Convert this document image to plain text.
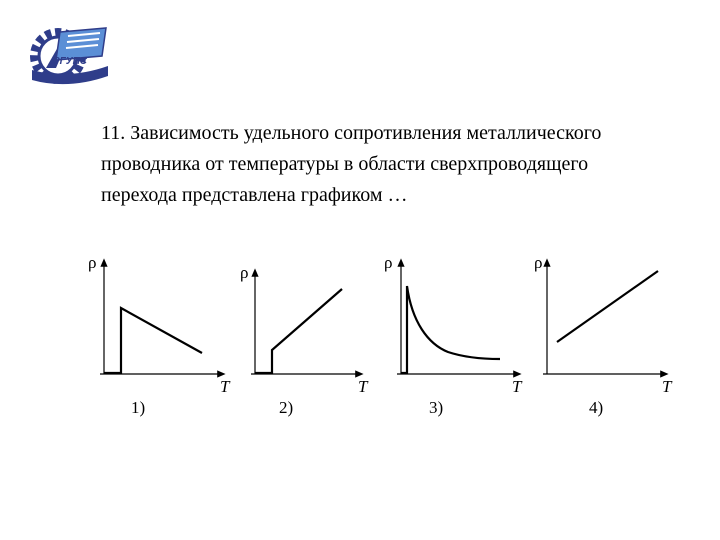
РГУПС

11. Зависимость удельного сопротивления металлического проводника от температуры в области сверхпроводящего перехода представлена графиком …

ρ
T
1)
ρ
T
2)
ρ
T
3)
ρ
T
4)
